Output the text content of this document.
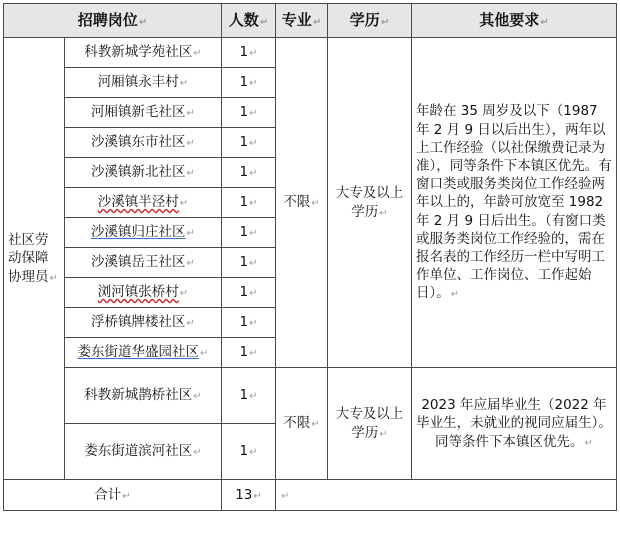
招聘岗位↵		人数↵	专业↵	学历↵	其他要求↵
社区劳动保障协理员↵	科教新城学苑社区↵	1↵	不限↵	大专及以上学历↵	年龄在 35 周岁及以下（1987 年 2 月 9 日以后出生），两年以上工作经验（以社保缴费记录为准），同等条件下本镇区优先。有窗口类或服务类岗位工作经验两年以上的，年龄可放宽至 1982 年 2 月 9 日后出生。（有窗口类或服务类岗位工作经验的，需在报名表的工作经历一栏中写明工作单位、工作岗位、工作起始日）。↵
	河厢镇永丰村↵	1↵			
	河厢镇新毛社区↵	1↵			
	沙溪镇东市社区↵	1↵			
	沙溪镇新北社区↵	1↵			
	沙溪镇半泾村↵	1↵			
	沙溪镇归庄社区↵	1↵			
	沙溪镇岳王社区↵	1↵			
	浏河镇张桥村↵	1↵			
	浮桥镇牌楼社区↵	1↵			
	娄东街道华盛园社区↵	1↵			
	科教新城鹊桥社区↵	1↵	不限↵	大专及以上学历↵	2023 年应届毕业生（2022 年毕业生，未就业的视同应届生）。同等条件下本镇区优先。↵
	娄东街道滨河社区↵	1↵			
合计↵		13↵	↵		
